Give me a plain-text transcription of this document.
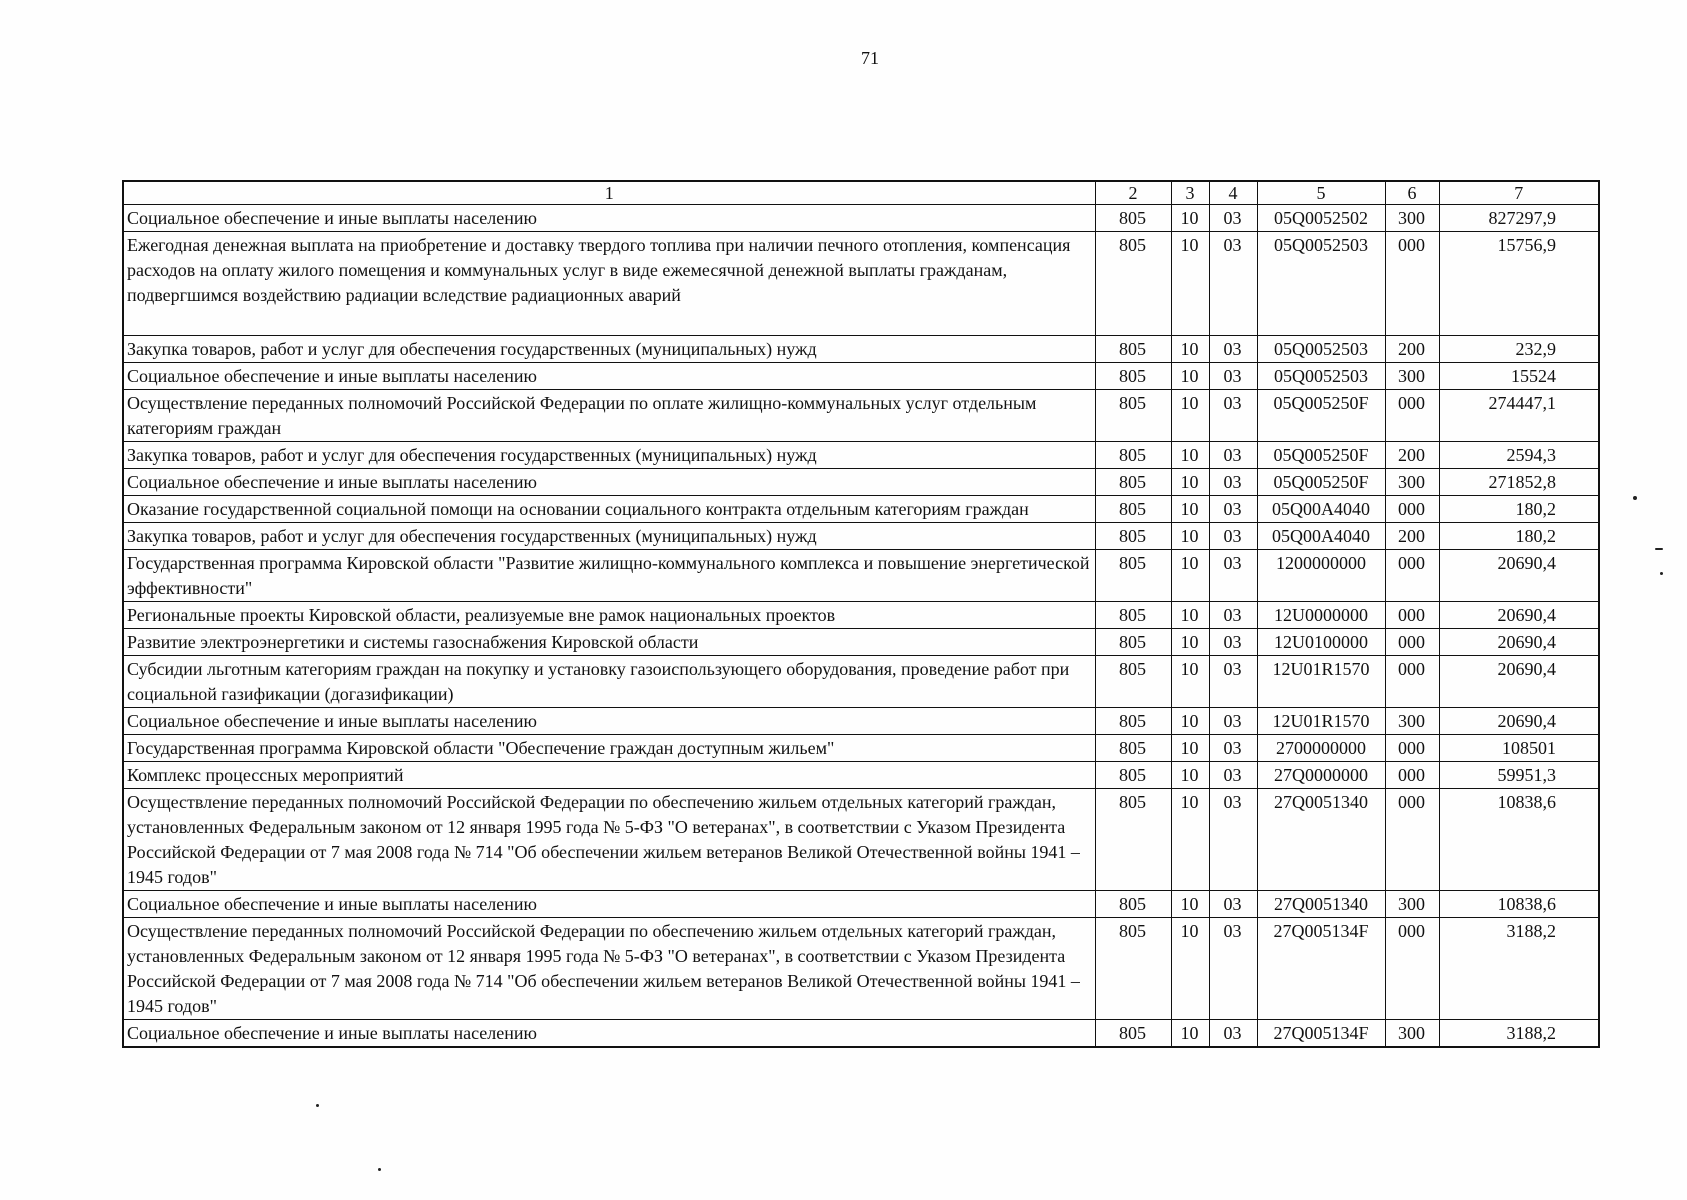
71
1	2	3	4	5	6	7
Социальное обеспечение и иные выплаты населению	805	10	03	05Q0052502	300	827297,9
Ежегодная денежная выплата на приобретение и доставку твердого топлива при наличии печного отопления, компенсация расходов на оплату жилого помещения и коммунальных услуг в виде ежемесячной денежной выплаты гражданам, подвергшимся воздействию радиации вследствие радиационных аварий	805	10	03	05Q0052503	000	15756,9
Закупка товаров, работ и услуг для обеспечения государственных (муниципальных) нужд	805	10	03	05Q0052503	200	232,9
Социальное обеспечение и иные выплаты населению	805	10	03	05Q0052503	300	15524
Осуществление переданных полномочий Российской Федерации по оплате жилищно-коммунальных услуг отдельным категориям граждан	805	10	03	05Q005250F	000	274447,1
Закупка товаров, работ и услуг для обеспечения государственных (муниципальных) нужд	805	10	03	05Q005250F	200	2594,3
Социальное обеспечение и иные выплаты населению	805	10	03	05Q005250F	300	271852,8
Оказание государственной социальной помощи на основании социального контракта отдельным категориям граждан	805	10	03	05Q00A4040	000	180,2
Закупка товаров, работ и услуг для обеспечения государственных (муниципальных) нужд	805	10	03	05Q00A4040	200	180,2
Государственная программа Кировской области "Развитие жилищно-коммунального комплекса и повышение энергетической эффективности"	805	10	03	1200000000	000	20690,4
Региональные проекты Кировской области, реализуемые вне рамок национальных проектов	805	10	03	12U0000000	000	20690,4
Развитие электроэнергетики и системы газоснабжения Кировской области	805	10	03	12U0100000	000	20690,4
Субсидии льготным категориям граждан на покупку и установку газоиспользующего оборудования, проведение работ при социальной газификации (догазификации)	805	10	03	12U01R1570	000	20690,4
Социальное обеспечение и иные выплаты населению	805	10	03	12U01R1570	300	20690,4
Государственная программа Кировской области "Обеспечение граждан доступным жильем"	805	10	03	2700000000	000	108501
Комплекс процессных мероприятий	805	10	03	27Q0000000	000	59951,3
Осуществление переданных полномочий Российской Федерации по обеспечению жильем отдельных категорий граждан, установленных Федеральным законом от 12 января 1995 года № 5-ФЗ "О ветеранах", в соответствии с Указом Президента Российской Федерации от 7 мая 2008 года № 714 "Об обеспечении жильем ветеранов Великой Отечественной войны 1941 – 1945 годов"	805	10	03	27Q0051340	000	10838,6
Социальное обеспечение и иные выплаты населению	805	10	03	27Q0051340	300	10838,6
Осуществление переданных полномочий Российской Федерации по обеспечению жильем отдельных категорий граждан, установленных Федеральным законом от 12 января 1995 года № 5-ФЗ "О ветеранах", в соответствии с Указом Президента Российской Федерации от 7 мая 2008 года № 714 "Об обеспечении жильем ветеранов Великой Отечественной войны 1941 – 1945 годов"	805	10	03	27Q005134F	000	3188,2
Социальное обеспечение и иные выплаты населению	805	10	03	27Q005134F	300	3188,2
